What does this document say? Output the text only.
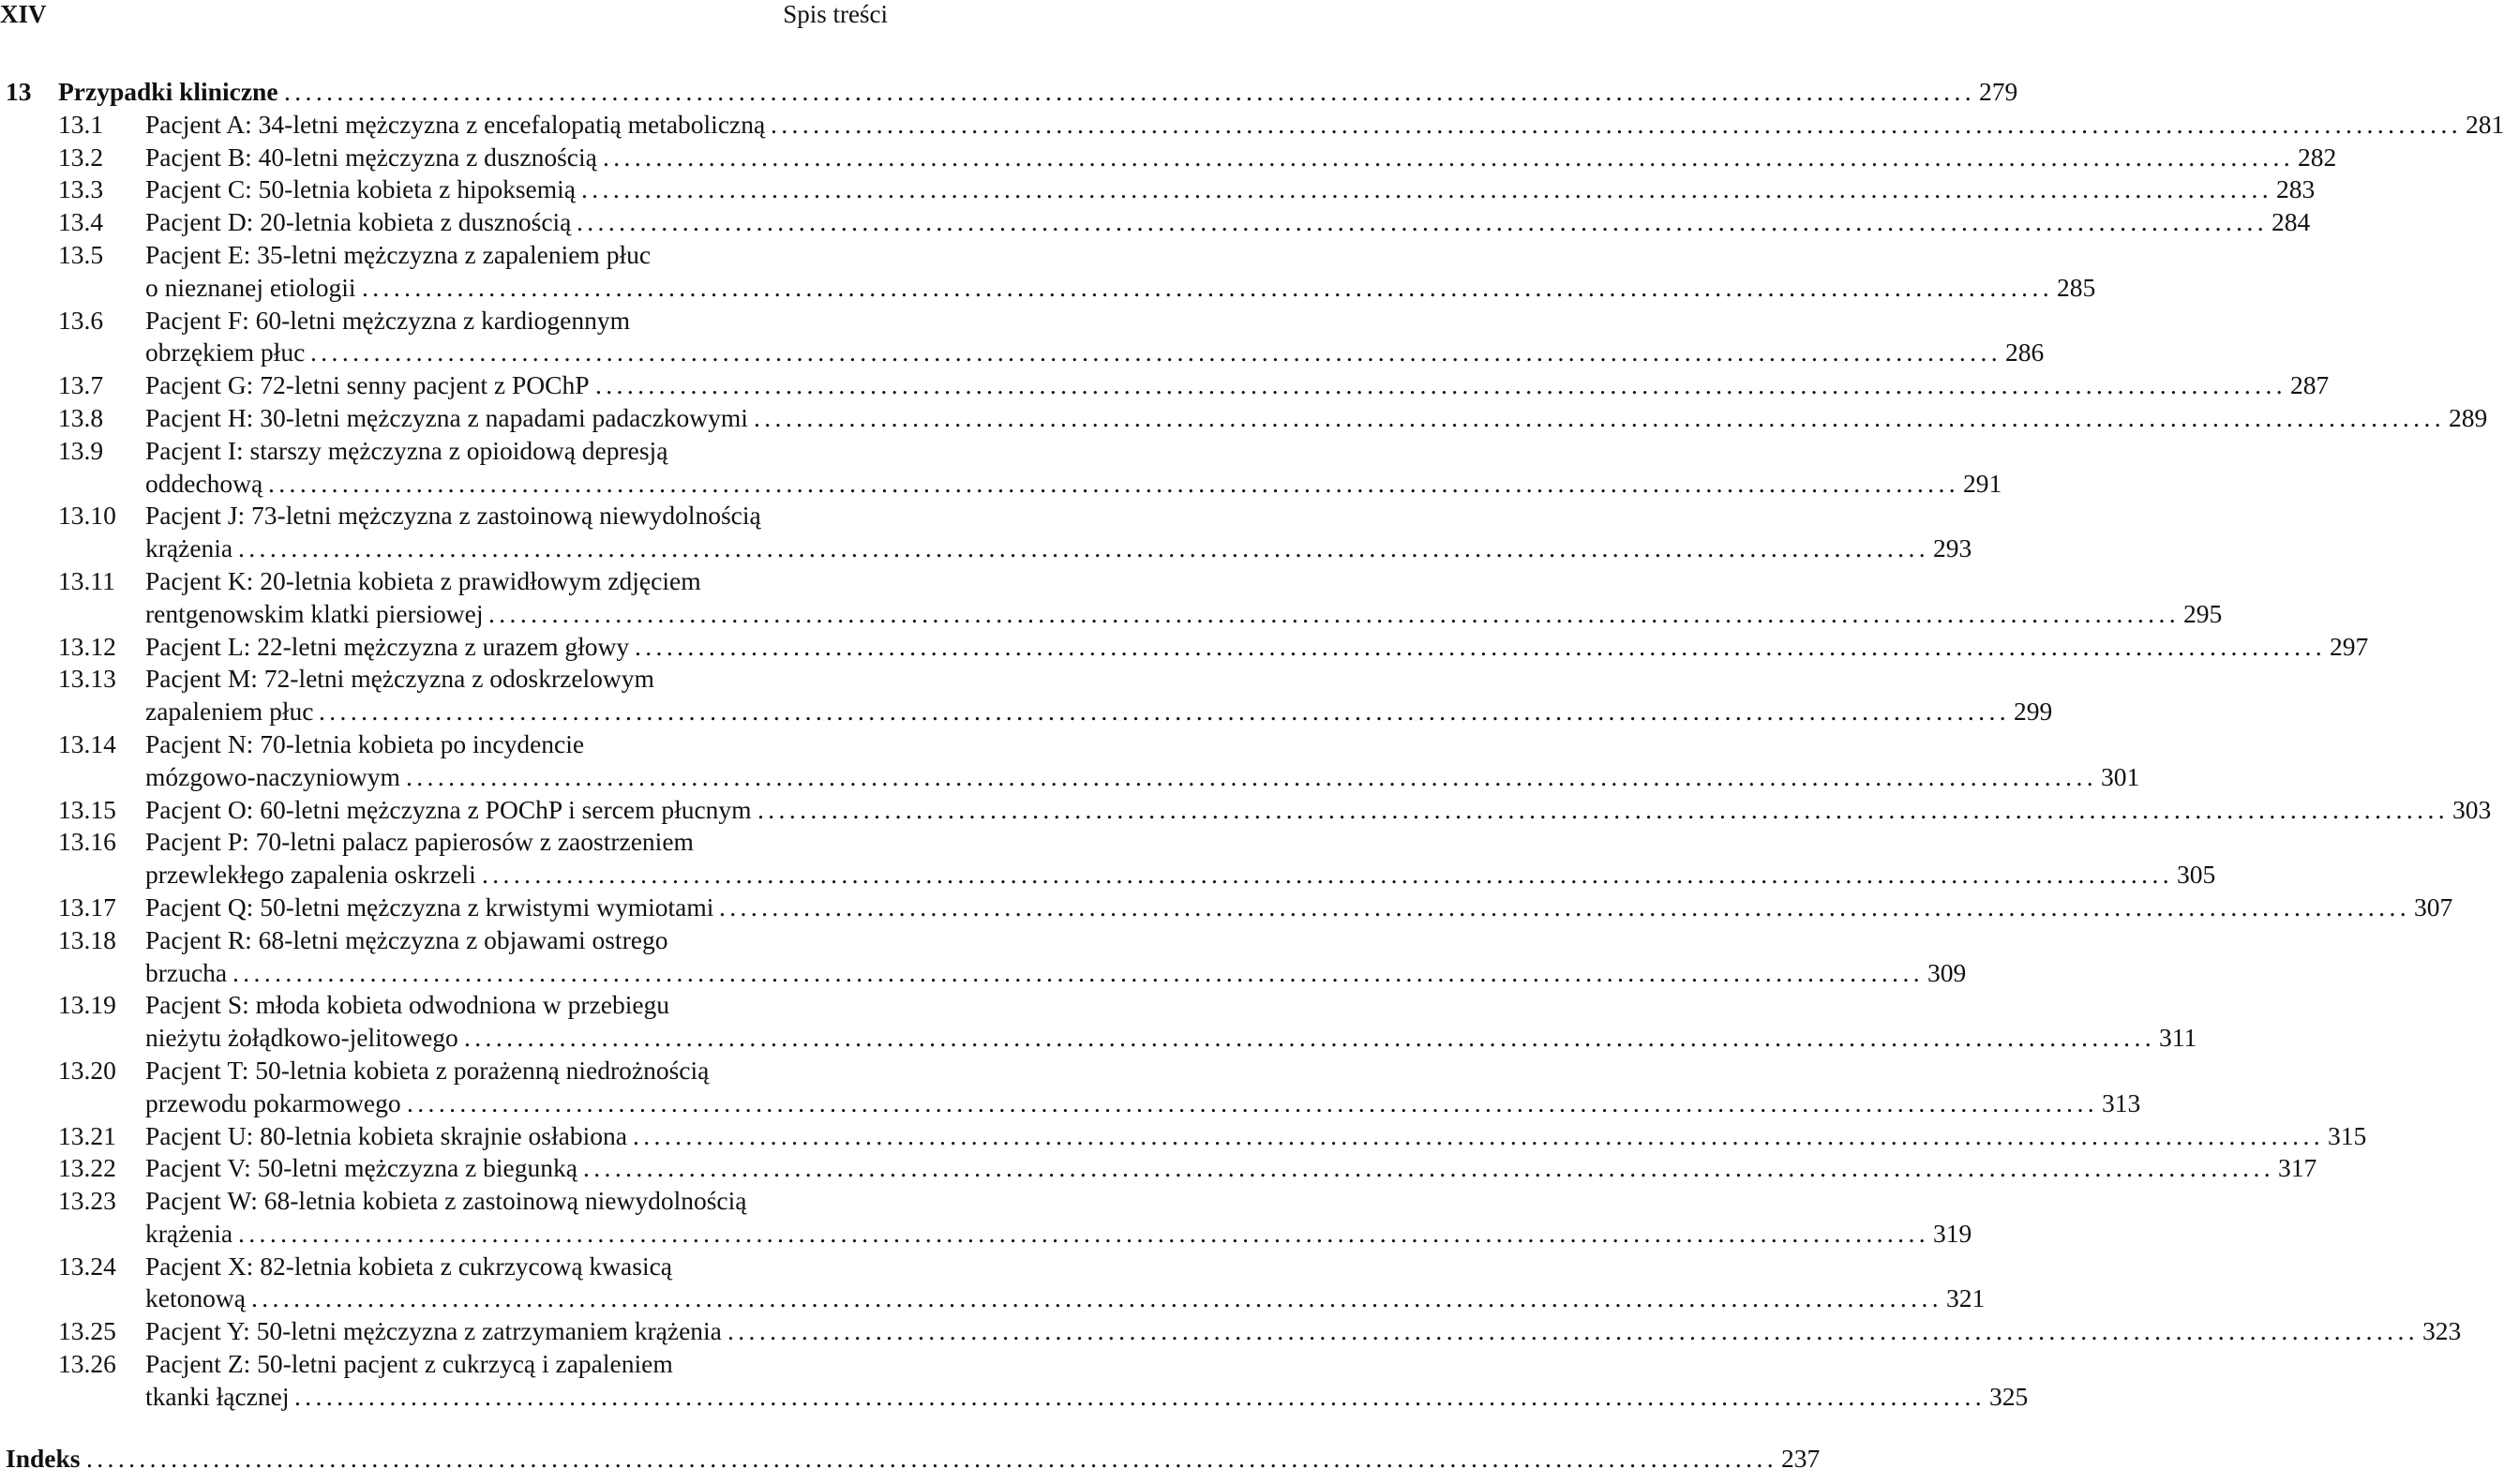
XIV	Spis treści
13 Przypadki kliniczne ................................................................................................................................................................ 279
13.1 Pacjent A: 34-letni mężczyzna z encefalopatią metaboliczną ................................................................................................................................................................ 281
13.2 Pacjent B: 40-letni mężczyzna z dusznością ................................................................................................................................................................ 282
13.3 Pacjent C: 50-letnia kobieta z hipoksemią ................................................................................................................................................................ 283
13.4 Pacjent D: 20-letnia kobieta z dusznością ................................................................................................................................................................ 284
13.5 Pacjent E: 35-letni mężczyzna z zapaleniem płuc
o nieznanej etiologii ................................................................................................................................................................ 285
13.6 Pacjent F: 60-letni mężczyzna z kardiogennym
obrzękiem płuc ................................................................................................................................................................ 286
13.7 Pacjent G: 72-letni senny pacjent z POChP ................................................................................................................................................................ 287
13.8 Pacjent H: 30-letni mężczyzna z napadami padaczkowymi ................................................................................................................................................................ 289
13.9 Pacjent I: starszy mężczyzna z opioidową depresją
oddechową ................................................................................................................................................................ 291
13.10 Pacjent J: 73-letni mężczyzna z zastoinową niewydolnością
krążenia ................................................................................................................................................................ 293
13.11 Pacjent K: 20-letnia kobieta z prawidłowym zdjęciem
rentgenowskim klatki piersiowej ................................................................................................................................................................ 295
13.12 Pacjent L: 22-letni mężczyzna z urazem głowy ................................................................................................................................................................ 297
13.13 Pacjent M: 72-letni mężczyzna z odoskrzelowym
zapaleniem płuc ................................................................................................................................................................ 299
13.14 Pacjent N: 70-letnia kobieta po incydencie
mózgowo-naczyniowym ................................................................................................................................................................ 301
13.15 Pacjent O: 60-letni mężczyzna z POChP i sercem płucnym ................................................................................................................................................................ 303
13.16 Pacjent P: 70-letni palacz papierosów z zaostrzeniem
przewlekłego zapalenia oskrzeli ................................................................................................................................................................ 305
13.17 Pacjent Q: 50-letni mężczyzna z krwistymi wymiotami ................................................................................................................................................................ 307
13.18 Pacjent R: 68-letni mężczyzna z objawami ostrego
brzucha ................................................................................................................................................................ 309
13.19 Pacjent S: młoda kobieta odwodniona w przebiegu
nieżytu żołądkowo-jelitowego ................................................................................................................................................................ 311
13.20 Pacjent T: 50-letnia kobieta z porażenną niedrożnością
przewodu pokarmowego ................................................................................................................................................................ 313
13.21 Pacjent U: 80-letnia kobieta skrajnie osłabiona ................................................................................................................................................................ 315
13.22 Pacjent V: 50-letni mężczyzna z biegunką ................................................................................................................................................................ 317
13.23 Pacjent W: 68-letnia kobieta z zastoinową niewydolnością
krążenia ................................................................................................................................................................ 319
13.24 Pacjent X: 82-letnia kobieta z cukrzycową kwasicą
ketonową ................................................................................................................................................................ 321
13.25 Pacjent Y: 50-letni mężczyzna z zatrzymaniem krążenia ................................................................................................................................................................ 323
13.26 Pacjent Z: 50-letni pacjent z cukrzycą i zapaleniem
tkanki łącznej ................................................................................................................................................................ 325
Indeks ................................................................................................................................................................ 237
